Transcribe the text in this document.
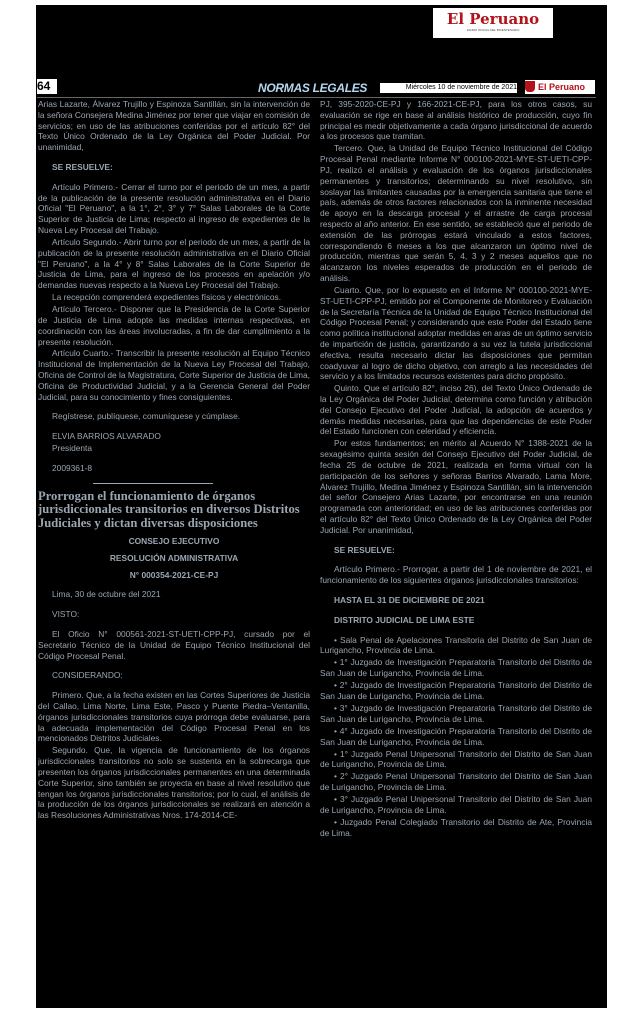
El Peruano
DIARIO OFICIAL DEL BICENTENARIO
64	NORMAS LEGALES	Miércoles 10 de noviembre de 2021	El Peruano

Arias Lazarte, Álvarez Trujillo y Espinoza Santillán, sin la intervención de la señora Consejera Medina Jiménez por tener que viajar en comisión de servicios; en uso de las atribuciones conferidas por el artículo 82° del Texto Único Ordenado de la Ley Orgánica del Poder Judicial. Por unanimidad,

SE RESUELVE:

Artículo Primero.- Cerrar el turno por el periodo de un mes, a partir de la publicación de la presente resolución administrativa en el Diario Oficial "El Peruano", a la 1°, 2°, 3° y 7° Salas Laborales de la Corte Superior de Justicia de Lima; respecto al ingreso de expedientes de la Nueva Ley Procesal del Trabajo.

Artículo Segundo.- Abrir turno por el periodo de un mes, a partir de la publicación de la presente resolución administrativa en el Diario Oficial "El Peruano", a la 4° y 8° Salas Laborales de la Corte Superior de Justicia de Lima, para el ingreso de los procesos en apelación y/o demandas nuevas respecto a la Nueva Ley Procesal del Trabajo.

La recepción comprenderá expedientes físicos y electrónicos.

Artículo Tercero.- Disponer que la Presidencia de la Corte Superior de Justicia de Lima adopte las medidas internas respectivas, en coordinación con las áreas involucradas, a fin de dar cumplimiento a la presente resolución.

Artículo Cuarto.- Transcribir la presente resolución al Equipo Técnico Institucional de Implementación de la Nueva Ley Procesal del Trabajo, Oficina de Control de la Magistratura, Corte Superior de Justicia de Lima, Oficina de Productividad Judicial, y a la Gerencia General del Poder Judicial, para su conocimiento y fines consiguientes.

Regístrese, publíquese, comuníquese y cúmplase.

ELVIA BARRIOS ALVARADO

Presidenta

2009361-8

Prorrogan el funcionamiento de órganos jurisdiccionales transitorios en diversos Distritos Judiciales y dictan diversas disposiciones

CONSEJO EJECUTIVO

RESOLUCIÓN ADMINISTRATIVA

N° 000354-2021-CE-PJ

Lima, 30 de octubre del 2021

VISTO:

El Oficio N° 000561-2021-ST-UETI-CPP-PJ, cursado por el Secretario Técnico de la Unidad de Equipo Técnico Institucional del Código Procesal Penal.

CONSIDERANDO:

Primero. Que, a la fecha existen en las Cortes Superiores de Justicia del Callao, Lima Norte, Lima Este, Pasco y Puente Piedra–Ventanilla, órganos jurisdiccionales transitorios cuya prórroga debe evaluarse, para la adecuada implementación del Código Procesal Penal en los mencionados Distritos Judiciales.

Segundo. Que, la vigencia de funcionamiento de los órganos jurisdiccionales transitorios no solo se sustenta en la sobrecarga que presenten los órganos jurisdiccionales permanentes en una determinada Corte Superior, sino también se proyecta en base al nivel resolutivo que tengan los órganos jurisdiccionales transitorios; por lo cual, el análisis de la producción de los órganos jurisdiccionales se realizará en atención a las Resoluciones Administrativas Nros. 174-2014-CE-

PJ, 395-2020-CE-PJ y 166-2021-CE-PJ, para los otros casos, su evaluación se rige en base al análisis histórico de producción, cuyo fin principal es medir objetivamente a cada órgano jurisdiccional de acuerdo a los procesos que tramitan.

Tercero. Que, la Unidad de Equipo Técnico Institucional del Código Procesal Penal mediante Informe N° 000100-2021-MYE-ST-UETI-CPP-PJ, realizó el análisis y evaluación de los órganos jurisdiccionales permanentes y transitorios; determinando su nivel resolutivo, sin soslayar las limitantes causadas por la emergencia sanitaria que tiene el país, además de otros factores relacionados con la inminente necesidad de apoyo en la descarga procesal y el arrastre de carga procesal respecto al año anterior. En ese sentido, se estableció que el periodo de extensión de las prórrogas estará vinculado a estos factores, correspondiendo 6 meses a los que alcanzaron un óptimo nivel de producción, mientras que serán 5, 4, 3 y 2 meses aquellos que no alcanzaron los niveles esperados de producción en el periodo de análisis.

Cuarto. Que, por lo expuesto en el Informe N° 000100-2021-MYE-ST-UETI-CPP-PJ, emitido por el Componente de Monitoreo y Evaluación de la Secretaría Técnica de la Unidad de Equipo Técnico Institucional del Código Procesal Penal; y considerando que este Poder del Estado tiene como política institucional adoptar medidas en aras de un óptimo servicio de impartición de justicia, garantizando a su vez la tutela jurisdiccional efectiva, resulta necesario dictar las disposiciones que permitan coadyuvar al logro de dicho objetivo, con arreglo a las necesidades del servicio y a los limitados recursos existentes para dicho propósito.

Quinto. Que el artículo 82°, inciso 26), del Texto Único Ordenado de la Ley Orgánica del Poder Judicial, determina como función y atribución del Consejo Ejecutivo del Poder Judicial, la adopción de acuerdos y demás medidas necesarias, para que las dependencias de este Poder del Estado funcionen con celeridad y eficiencia.

Por estos fundamentos; en mérito al Acuerdo N° 1388-2021 de la sexagésimo quinta sesión del Consejo Ejecutivo del Poder Judicial, de fecha 25 de octubre de 2021, realizada en forma virtual con la participación de los señores y señoras Barrios Alvarado, Lama More, Álvarez Trujillo, Medina Jiménez y Espinoza Santillán, sin la intervención del señor Consejero Arias Lazarte, por encontrarse en una reunión programada con anterioridad; en uso de las atribuciones conferidas por el artículo 82° del Texto Único Ordenado de la Ley Orgánica del Poder Judicial. Por unanimidad,

SE RESUELVE:

Artículo Primero.- Prorrogar, a partir del 1 de noviembre de 2021, el funcionamiento de los siguientes órganos jurisdiccionales transitorios:

HASTA EL 31 DE DICIEMBRE DE 2021

DISTRITO JUDICIAL DE LIMA ESTE

• Sala Penal de Apelaciones Transitoria del Distrito de San Juan de Lurigancho, Provincia de Lima.

• 1° Juzgado de Investigación Preparatoria Transitorio del Distrito de San Juan de Lurigancho, Provincia de Lima.

• 2° Juzgado de Investigación Preparatoria Transitorio del Distrito de San Juan de Lurigancho, Provincia de Lima.

• 3° Juzgado de Investigación Preparatoria Transitorio del Distrito de San Juan de Lurigancho, Provincia de Lima.

• 4° Juzgado de Investigación Preparatoria Transitorio del Distrito de San Juan de Lurigancho, Provincia de Lima.

• 1° Juzgado Penal Unipersonal Transitorio del Distrito de San Juan de Lurigancho, Provincia de Lima.

• 2° Juzgado Penal Unipersonal Transitorio del Distrito de San Juan de Lurigancho, Provincia de Lima.

• 3° Juzgado Penal Unipersonal Transitorio del Distrito de San Juan de Lurigancho, Provincia de Lima.

• Juzgado Penal Colegiado Transitorio del Distrito de Ate, Provincia de Lima.
